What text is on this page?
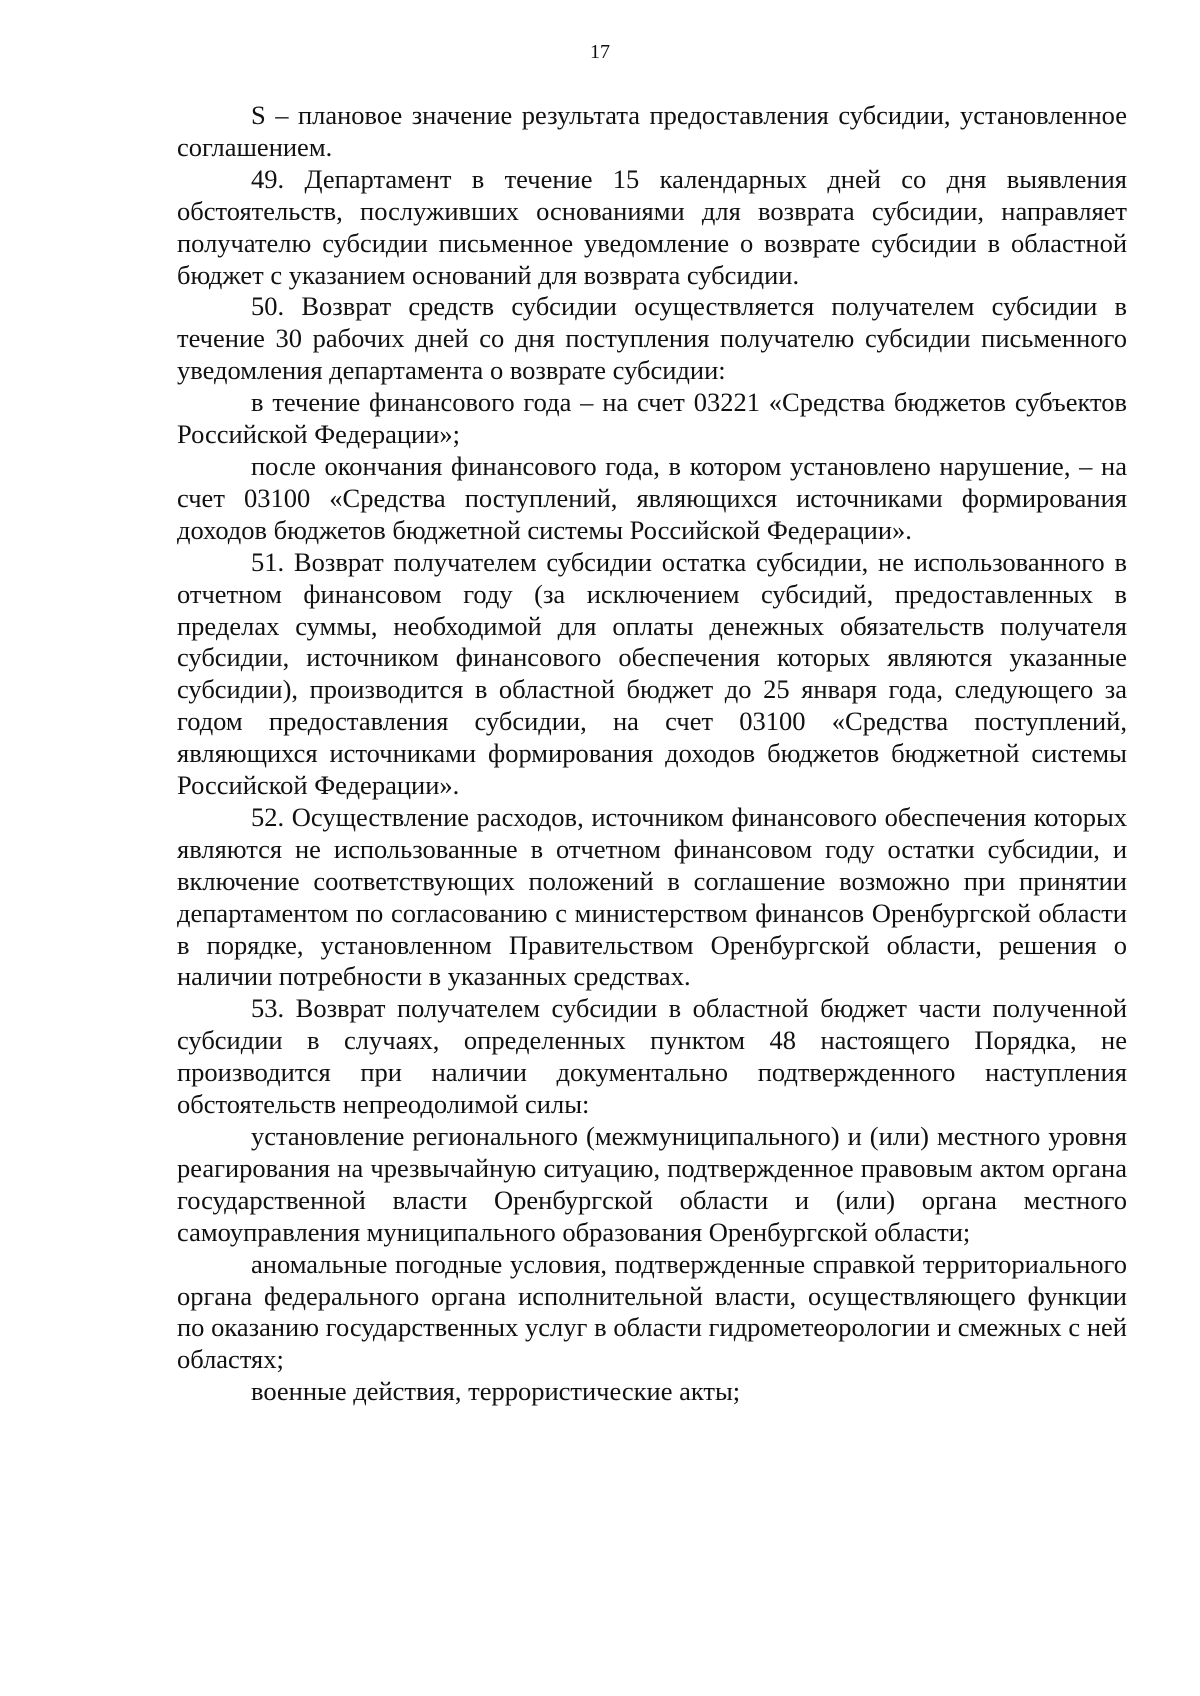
17

S – плановое значение результата предоставления субсидии, установленное соглашением.

49. Департамент в течение 15 календарных дней со дня выявления обстоятельств, послуживших основаниями для возврата субсидии, направляет получателю субсидии письменное уведомление о возврате субсидии в областной бюджет с указанием оснований для возврата субсидии.

50. Возврат средств субсидии осуществляется получателем субсидии в течение 30 рабочих дней со дня поступления получателю субсидии письменного уведомления департамента о возврате субсидии:

в течение финансового года – на счет 03221 «Средства бюджетов субъектов Российской Федерации»;

после окончания финансового года, в котором установлено нарушение, – на счет 03100 «Средства поступлений, являющихся источниками формирования доходов бюджетов бюджетной системы Российской Федерации».

51. Возврат получателем субсидии остатка субсидии, не использованного в отчетном финансовом году (за исключением субсидий, предоставленных в пределах суммы, необходимой для оплаты денежных обязательств получателя субсидии, источником финансового обеспечения которых являются указанные субсидии), производится в областной бюджет до 25 января года, следующего за годом предоставления субсидии, на счет 03100 «Средства поступлений, являющихся источниками формирования доходов бюджетов бюджетной системы Российской Федерации».

52. Осуществление расходов, источником финансового обеспечения которых являются не использованные в отчетном финансовом году остатки субсидии, и включение соответствующих положений в соглашение возможно при принятии департаментом по согласованию с министерством финансов Оренбургской области в порядке, установленном Правительством Оренбургской области, решения о наличии потребности в указанных средствах.

53. Возврат получателем субсидии в областной бюджет части полученной субсидии в случаях, определенных пунктом 48 настоящего Порядка, не производится при наличии документально подтвержденного наступления обстоятельств непреодолимой силы:

установление регионального (межмуниципального) и (или) местного уровня реагирования на чрезвычайную ситуацию, подтвержденное правовым актом органа государственной власти Оренбургской области и (или) органа местного самоуправления муниципального образования Оренбургской области;

аномальные погодные условия, подтвержденные справкой территориального органа федерального органа исполнительной власти, осуществляющего функции по оказанию государственных услуг в области гидрометеорологии и смежных с ней областях;

военные действия, террористические акты;
